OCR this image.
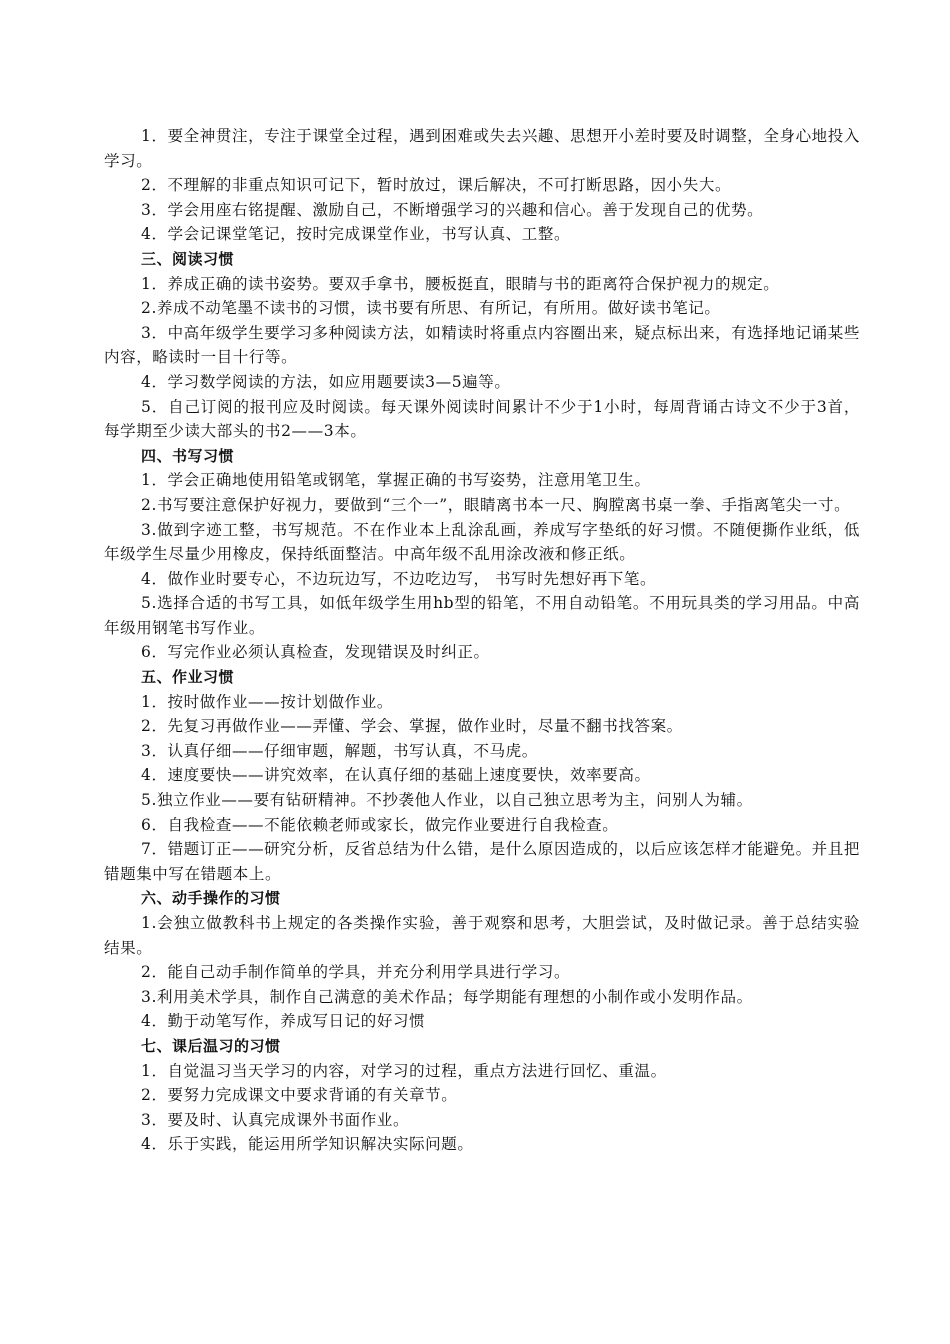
1．要全神贯注，专注于课堂全过程，遇到困难或失去兴趣、思想开小差时要及时调整，全身心地投入学习。

2．不理解的非重点知识可记下，暂时放过，课后解决，不可打断思路，因小失大。

3．学会用座右铭提醒、激励自己，不断增强学习的兴趣和信心。善于发现自己的优势。

4．学会记课堂笔记，按时完成课堂作业，书写认真、工整。

三、阅读习惯

1．养成正确的读书姿势。要双手拿书，腰板挺直，眼睛与书的距离符合保护视力的规定。

2.养成不动笔墨不读书的习惯，读书要有所思、有所记，有所用。做好读书笔记。

3．中高年级学生要学习多种阅读方法，如精读时将重点内容圈出来，疑点标出来，有选择地记诵某些内容，略读时一目十行等。

4．学习数学阅读的方法，如应用题要读3—5遍等。

5．自己订阅的报刊应及时阅读。每天课外阅读时间累计不少于1小时，每周背诵古诗文不少于3首，每学期至少读大部头的书2——3本。

四、书写习惯

1．学会正确地使用铅笔或钢笔，掌握正确的书写姿势，注意用笔卫生。

2.书写要注意保护好视力，要做到“三个一”，眼睛离书本一尺、胸膛离书桌一拳、手指离笔尖一寸。

3.做到字迹工整，书写规范。不在作业本上乱涂乱画，养成写字垫纸的好习惯。不随便撕作业纸，低年级学生尽量少用橡皮，保持纸面整洁。中高年级不乱用涂改液和修正纸。

4．做作业时要专心，不边玩边写，不边吃边写， 书写时先想好再下笔。

5.选择合适的书写工具，如低年级学生用hb型的铅笔，不用自动铅笔。不用玩具类的学习用品。中高年级用钢笔书写作业。

6．写完作业必须认真检查，发现错误及时纠正。

五、作业习惯

1．按时做作业——按计划做作业。

2．先复习再做作业——弄懂、学会、掌握，做作业时，尽量不翻书找答案。

3．认真仔细——仔细审题，解题，书写认真，不马虎。

4．速度要快——讲究效率，在认真仔细的基础上速度要快，效率要高。

5.独立作业——要有钻研精神。不抄袭他人作业，以自己独立思考为主，问别人为辅。

6．自我检查——不能依赖老师或家长，做完作业要进行自我检查。

7．错题订正——研究分析，反省总结为什么错，是什么原因造成的，以后应该怎样才能避免。并且把错题集中写在错题本上。

六、动手操作的习惯

1.会独立做教科书上规定的各类操作实验，善于观察和思考，大胆尝试，及时做记录。善于总结实验结果。

2．能自己动手制作简单的学具，并充分利用学具进行学习。

3.利用美术学具，制作自己满意的美术作品；每学期能有理想的小制作或小发明作品。

4．勤于动笔写作，养成写日记的好习惯

七、课后温习的习惯

1．自觉温习当天学习的内容，对学习的过程，重点方法进行回忆、重温。

2．要努力完成课文中要求背诵的有关章节。

3．要及时、认真完成课外书面作业。

4．乐于实践，能运用所学知识解决实际问题。
